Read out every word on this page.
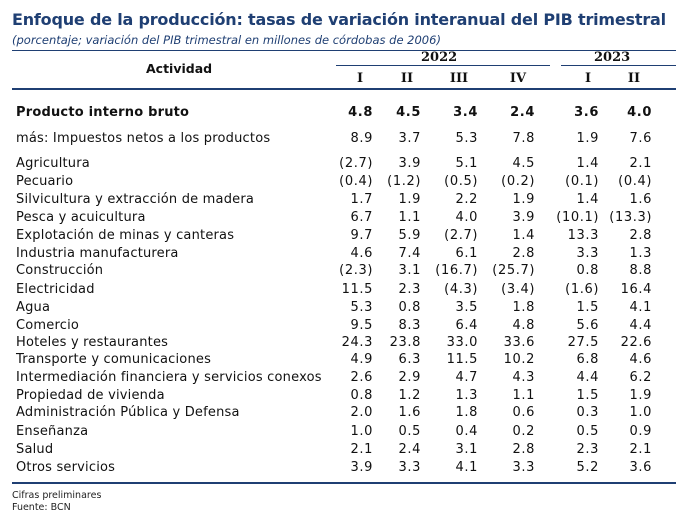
Enfoque de la producción: tasas de variación interanual del PIB trimestral
(porcentaje; variación del PIB trimestral en millones de córdobas de 2006)
Actividad
2022	2023
I	II	III	IV	I	II
Producto interno bruto	4.8	4.5	3.4	2.4	3.6	4.0
más: Impuestos netos a los productos	8.9	3.7	5.3	7.8	1.9	7.6
Agricultura	(2.7)	3.9	5.1	4.5	1.4	2.1
Pecuario	(0.4)	(1.2)	(0.5)	(0.2)	(0.1)	(0.4)
Silvicultura y extracción de madera	1.7	1.9	2.2	1.9	1.4	1.6
Pesca y acuicultura	6.7	1.1	4.0	3.9	(10.1) (13.3)
Explotación de minas y canteras	9.7	5.9	(2.7)	1.4	13.3	2.8
Industria manufacturera	4.6	7.4	6.1	2.8	3.3	1.3
Construcción	(2.3)	3.1	(16.7)	(25.7)	0.8	8.8
Electricidad	11.5	2.3	(4.3)	(3.4)	(1.6)	16.4
Agua	5.3	0.8	3.5	1.8	1.5	4.1
Comercio	9.5	8.3	6.4	4.8	5.6	4.4
Hoteles y restaurantes	24.3	23.8	33.0	33.6	27.5	22.6
Transporte y comunicaciones	4.9	6.3	11.5	10.2	6.8	4.6
Intermediación financiera y servicios conexos	2.6	2.9	4.7	4.3	4.4	6.2
Propiedad de vivienda	0.8	1.2	1.3	1.1	1.5	1.9
Administración Pública y Defensa	2.0	1.6	1.8	0.6	0.3	1.0
Enseñanza	1.0	0.5	0.4	0.2	0.5	0.9
Salud	2.1	2.4	3.1	2.8	2.3	2.1
Otros servicios	3.9	3.3	4.1	3.3	5.2	3.6
Cifras preliminares
Fuente: BCN
